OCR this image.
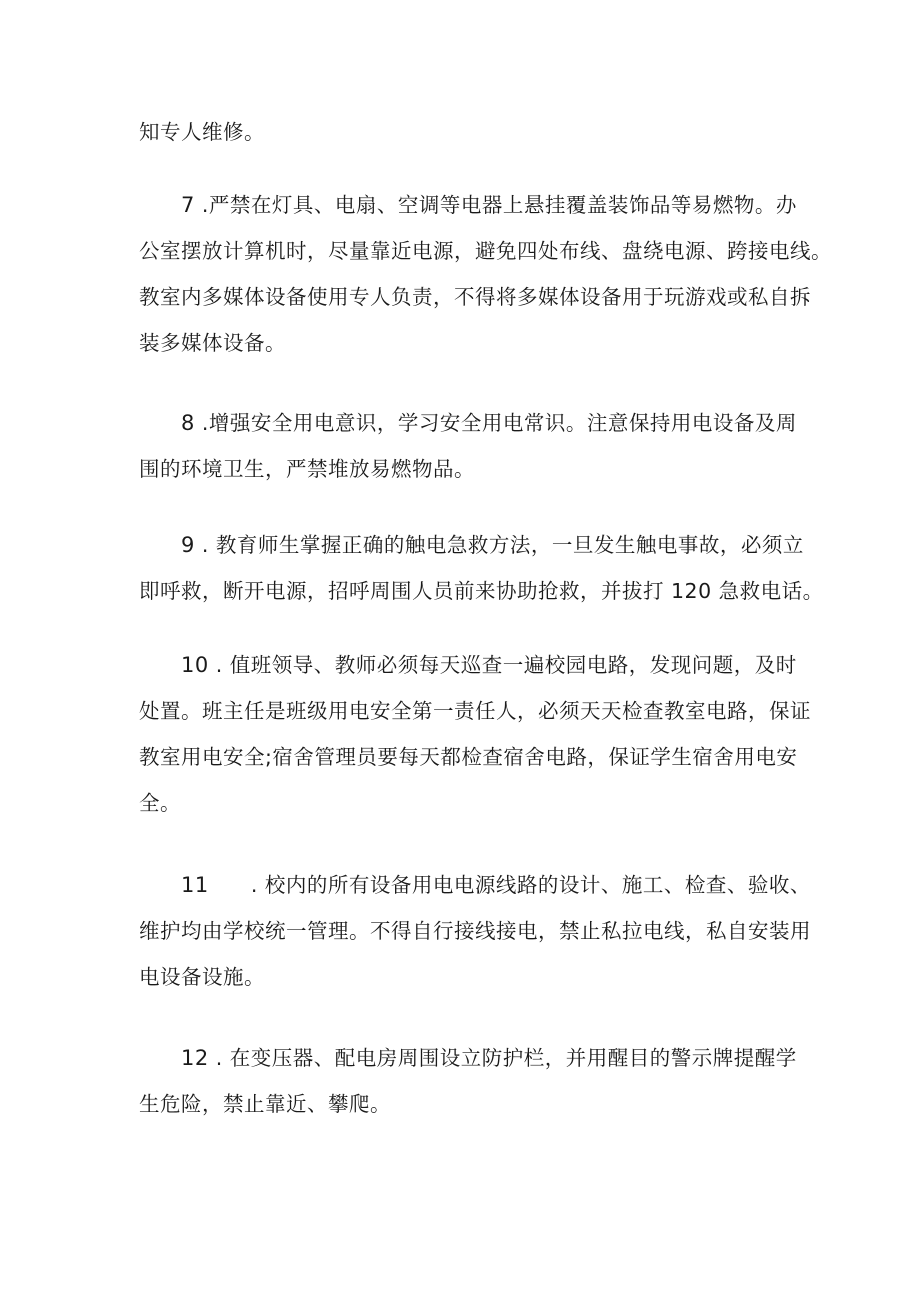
知专人维修。

7 .严禁在灯具、电扇、空调等电器上悬挂覆盖装饰品等易燃物。办
公室摆放计算机时，尽量靠近电源，避免四处布线、盘绕电源、跨接电线。
教室内多媒体设备使用专人负责，不得将多媒体设备用于玩游戏或私自拆
装多媒体设备。

8 .增强安全用电意识，学习安全用电常识。注意保持用电设备及周
围的环境卫生，严禁堆放易燃物品。

9 . 教育师生掌握正确的触电急救方法，一旦发生触电事故，必须立
即呼救，断开电源，招呼周围人员前来协助抢救，并拔打 120 急救电话。

10 . 值班领导、教师必须每天巡查一遍校园电路，发现问题，及时
处置。班主任是班级用电安全第一责任人，必须天天检查教室电路，保证
教室用电安全;宿舍管理员要每天都检查宿舍电路，保证学生宿舍用电安
全。

11      . 校内的所有设备用电电源线路的设计、施工、检查、验收、
维护均由学校统一管理。不得自行接线接电，禁止私拉电线，私自安装用
电设备设施。

12 . 在变压器、配电房周围设立防护栏，并用醒目的警示牌提醒学
生危险，禁止靠近、攀爬。
